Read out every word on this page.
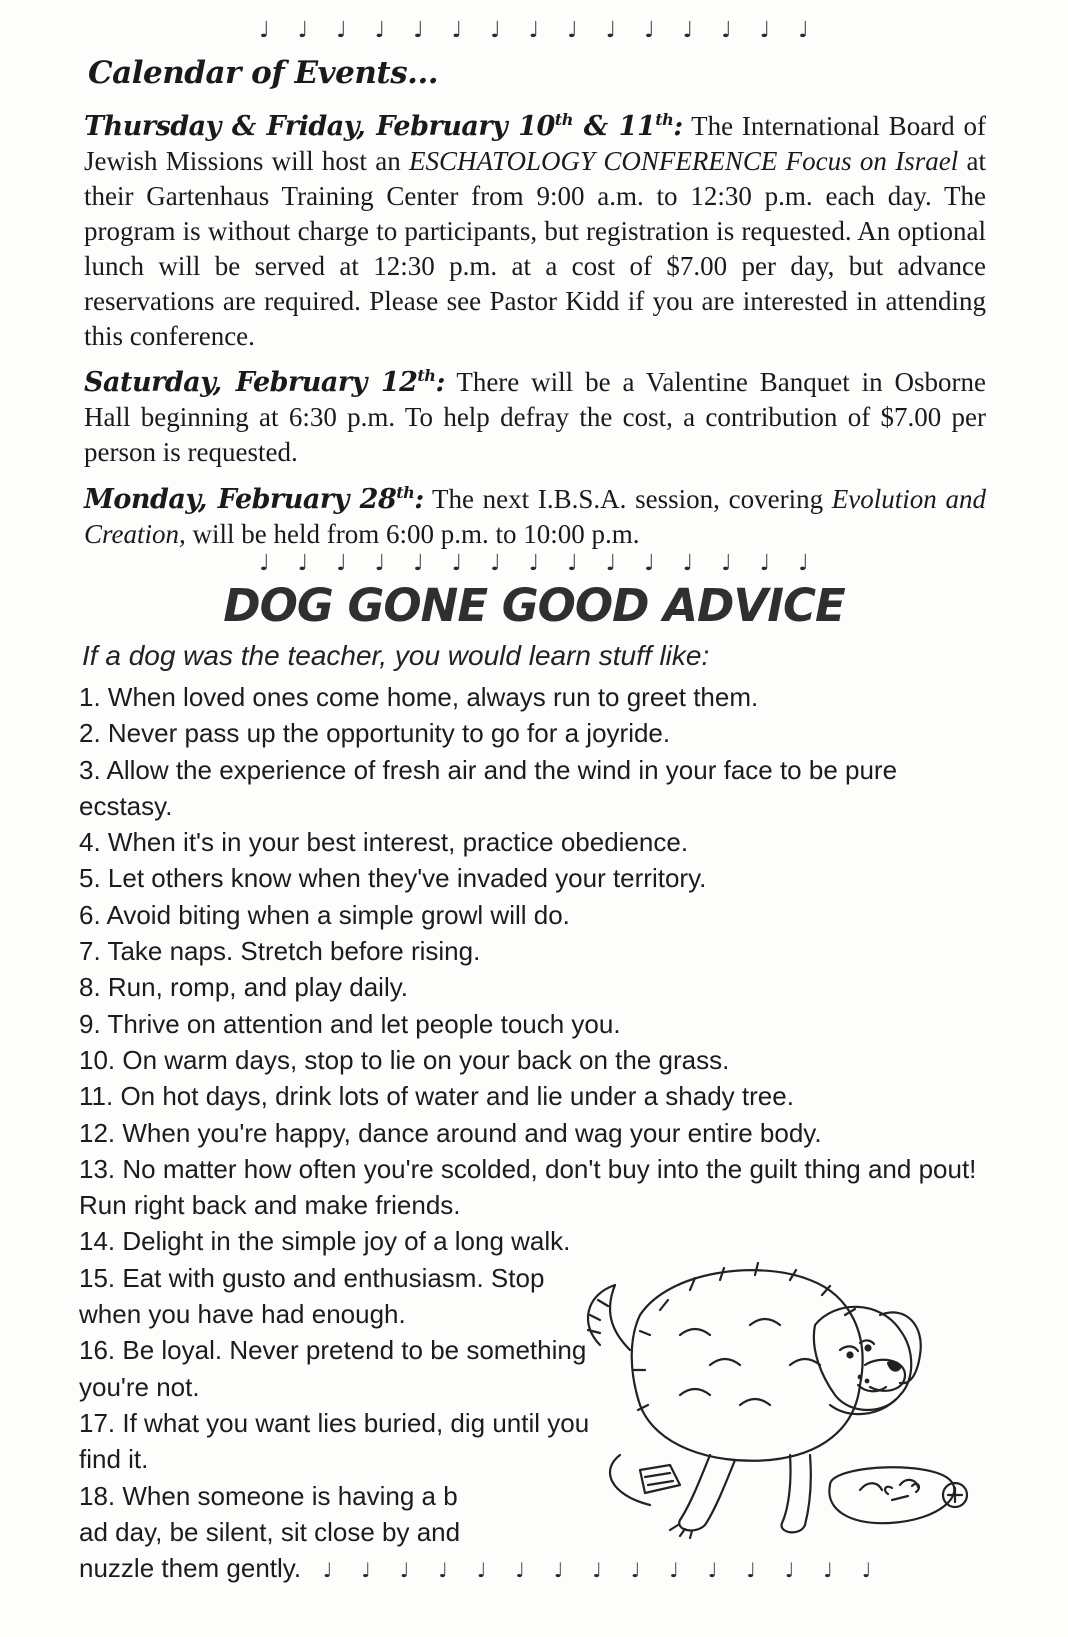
♩ ♩ ♩ ♩ ♩ ♩ ♩ ♩ ♩ ♩ ♩ ♩ ♩ ♩ ♩
Calendar of Events...

Thursday & Friday, February 10th & 11th: The International Board of Jewish Missions will host an ESCHATOLOGY CONFERENCE Focus on Israel at their Gartenhaus Training Center from 9:00 a.m. to 12:30 p.m. each day. The program is without charge to participants, but registration is requested. An optional lunch will be served at 12:30 p.m. at a cost of $7.00 per day, but advance reservations are required. Please see Pastor Kidd if you are interested in attending this conference.

Saturday, February 12th: There will be a Valentine Banquet in Osborne Hall beginning at 6:30 p.m. To help defray the cost, a contribution of $7.00 per person is requested.

Monday, February 28th: The next I.B.S.A. session, covering Evolution and Creation, will be held from 6:00 p.m. to 10:00 p.m.

♩ ♩ ♩ ♩ ♩ ♩ ♩ ♩ ♩ ♩ ♩ ♩ ♩ ♩ ♩
DOG GONE GOOD ADVICE

If a dog was the teacher, you would learn stuff like:

1. When loved ones come home, always run to greet them.
2. Never pass up the opportunity to go for a joyride.
3. Allow the experience of fresh air and the wind in your face to be pure ecstasy.
4. When it's in your best interest, practice obedience.
5. Let others know when they've invaded your territory.
6. Avoid biting when a simple growl will do.
7. Take naps. Stretch before rising.
8. Run, romp, and play daily.
9. Thrive on attention and let people touch you.
10. On warm days, stop to lie on your back on the grass.
11. On hot days, drink lots of water and lie under a shady tree.
12. When you're happy, dance around and wag your entire body.
13. No matter how often you're scolded, don't buy into the guilt thing and pout! Run right back and make friends.
14. Delight in the simple joy of a long walk.
15. Eat with gusto and enthusiasm. Stop when you have had enough.
16. Be loyal. Never pretend to be something you're not.
17. If what you want lies buried, dig until you find it.
18. When someone is having a b
ad day, be silent, sit close by and
nuzzle them gently. ♩ ♩ ♩ ♩ ♩ ♩ ♩ ♩ ♩ ♩ ♩ ♩ ♩ ♩ ♩
